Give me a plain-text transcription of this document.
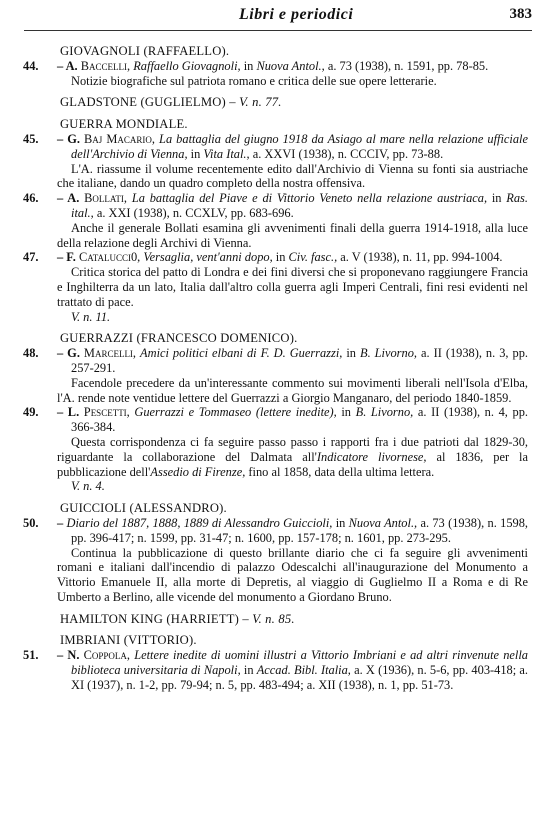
Libri e periodici	383
GIOVAGNOLI (RAFFAELLO).
44.	– A. Baccelli, Raffaello Giovagnoli, in Nuova Antol., a. 73 (1938), n. 1591, pp. 78-85.
Notizie biografiche sul patriota romano e critica delle sue opere letterarie.
GLADSTONE (GUGLIELMO) – V. n. 77.
GUERRA MONDIALE.
45.	– G. Baj Macario, La battaglia del giugno 1918 da Asiago al mare nella relazione ufficiale dell'Archivio di Vienna, in Vita Ital., a. XXVI (1938), n. CCCIV, pp. 73-88.
L'A. riassume il volume recentemente edito dall'Archivio di Vienna su fonti sia austriache che italiane, dando un quadro completo della nostra offensiva.
46.	– A. Bollati, La battaglia del Piave e di Vittorio Veneto nella relazione austriaca, in Ras. ital., a. XXI (1938), n. CCXLV, pp. 683-696.
Anche il generale Bollati esamina gli avvenimenti finali della guerra 1914-1918, alla luce della relazione degli Archivi di Vienna.
47.	– F. Catalucci0, Versaglia, vent'anni dopo, in Civ. fasc., a. V (1938), n. 11, pp. 994-1004.
Critica storica del patto di Londra e dei fini diversi che si proponevano raggiungere Francia e Inghilterra da un lato, Italia dall'altro colla guerra agli Imperi Centrali, fini resi evidenti nel trattato di pace.
V. n. 11.
GUERRAZZI (FRANCESCO DOMENICO).
48.	– G. Marcelli, Amici politici elbani di F. D. Guerrazzi, in B. Livorno, a. II (1938), n. 3, pp. 257-291.
Facendole precedere da un'interessante commento sui movimenti liberali nell'Isola d'Elba, l'A. rende note ventidue lettere del Guerrazzi a Giorgio Manganaro, del periodo 1840-1859.
49.	– L. Pescetti, Guerrazzi e Tommaseo (lettere inedite), in B. Livorno, a. II (1938), n. 4, pp. 366-384.
Questa corrispondenza ci fa seguire passo passo i rapporti fra i due patrioti dal 1829-30, riguardante la collaborazione del Dalmata all'Indicatore livornese, al 1836, per la pubblicazione dell'Assedio di Firenze, fino al 1858, data della ultima lettera.
V. n. 4.
GUICCIOLI (ALESSANDRO).
50.	– Diario del 1887, 1888, 1889 di Alessandro Guiccioli, in Nuova Antol., a. 73 (1938), n. 1598, pp. 396-417; n. 1599, pp. 31-47; n. 1600, pp. 157-178; n. 1601, pp. 273-295.
Continua la pubblicazione di questo brillante diario che ci fa seguire gli avvenimenti romani e italiani dall'incendio di palazzo Odescalchi all'inaugurazione del Monumento a Vittorio Emanuele II, alla morte di Depretis, al viaggio di Guglielmo II a Roma e di Re Umberto a Berlino, alle vicende del monumento a Giordano Bruno.
HAMILTON KING (HARRIETT) – V. n. 85.
IMBRIANI (VITTORIO).
51.	– N. Coppola, Lettere inedite di uomini illustri a Vittorio Imbriani e ad altri rinvenute nella biblioteca universitaria di Napoli, in Accad. Bibl. Italia, a. X (1936), n. 5-6, pp. 403-418; a. XI (1937), n. 1-2, pp. 79-94; n. 5, pp. 483-494; a. XII (1938), n. 1, pp. 51-73.
